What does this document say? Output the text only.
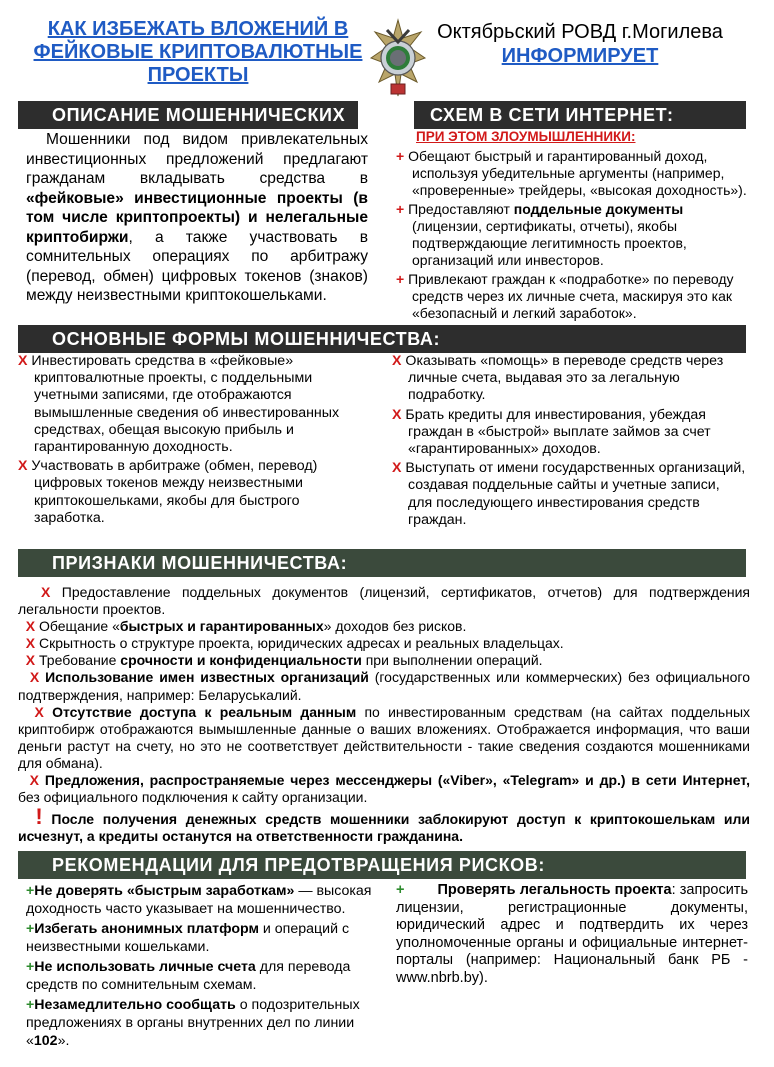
КАК ИЗБЕЖАТЬ ВЛОЖЕНИЙ В
ФЕЙКОВЫЕ КРИПТОВАЛЮТНЫЕ
ПРОЕКТЫ
Октябрьский РОВД г.Могилева
ИНФОРМИРУЕТ
ОПИСАНИЕ МОШЕННИЧЕСКИХ	СХЕМ В СЕТИ ИНТЕРНЕТ:
Мошенники под видом привлекательных инвестиционных предложений предлагают гражданам вкладывать средства в «фейковые» инвестиционные проекты (в том числе криптопроекты) и нелегальные криптобиржи, а также участвовать в сомнительных операциях по арбитражу (перевод, обмен) цифровых токенов (знаков) между неизвестными криптокошельками.
ПРИ ЭТОМ ЗЛОУМЫШЛЕННИКИ:
+ Обещают быстрый и гарантированный доход, используя убедительные аргументы (например, «проверенные» трейдеры, «высокая доходность»).
+ Предоставляют поддельные документы (лицензии, сертификаты, отчеты), якобы подтверждающие легитимность проектов, организаций или инвесторов.
+ Привлекают граждан к «подработке» по переводу средств через их личные счета, маскируя это как «безопасный и легкий заработок».
ОСНОВНЫЕ ФОРМЫ МОШЕННИЧЕСТВА:
Х Инвестировать средства в «фейковые» криптовалютные проекты, с поддельными учетными записями, где отображаются вымышленные сведения об инвестированных средствах, обещая высокую прибыль и гарантированную доходность.
Х Участвовать в арбитраже (обмен, перевод) цифровых токенов между неизвестными криптокошельками, якобы для быстрого заработка.
Х Оказывать «помощь» в переводе средств через личные счета, выдавая это за легальную подработку.
Х Брать кредиты для инвестирования, убеждая граждан в «быстрой» выплате займов за счет «гарантированных» доходов.
Х Выступать от имени государственных организаций, создавая поддельные сайты и учетные записи, для последующего инвестирования средств граждан.
ПРИЗНАКИ МОШЕННИЧЕСТВА:

Х Предоставление поддельных документов (лицензий, сертификатов, отчетов) для подтверждения легальности проектов.

Х Обещание «быстрых и гарантированных» доходов без рисков.

Х Скрытность о структуре проекта, юридических адресах и реальных владельцах.

Х Требование срочности и конфиденциальности при выполнении операций.

Х Использование имен известных организаций (государственных или коммерческих) без официального подтверждения, например: Беларуськалий.

Х Отсутствие доступа к реальным данным по инвестированным средствам (на сайтах поддельных криптобирж отображаются вымышленные данные о ваших вложениях. Отображается информация, что ваши деньги растут на счету, но это не соответствует действительности - такие сведения создаются мошенниками для обмана).

Х Предложения, распространяемые через мессенджеры («Viber», «Telegram» и др.) в сети Интернет, без официального подключения к сайту организации.

! После получения денежных средств мошенники заблокируют доступ к криптокошелькам или исчезнут, а кредиты останутся на ответственности гражданина.

РЕКОМЕНДАЦИИ ДЛЯ ПРЕДОТВРАЩЕНИЯ РИСКОВ:
+Не доверять «быстрым заработкам» — высокая доходность часто указывает на мошенничество.
+Избегать анонимных платформ и операций с неизвестными кошельками.
+Не использовать личные счета для перевода средств по сомнительным схемам.
+Незамедлительно сообщать о подозрительных предложениях в органы внутренних дел по линии «102».
+ Проверять легальность проекта: запросить лицензии, регистрационные документы, юридический адрес и подтвердить их через уполномоченные органы и официальные интернет-порталы (например: Национальный банк РБ - www.nbrb.by).
